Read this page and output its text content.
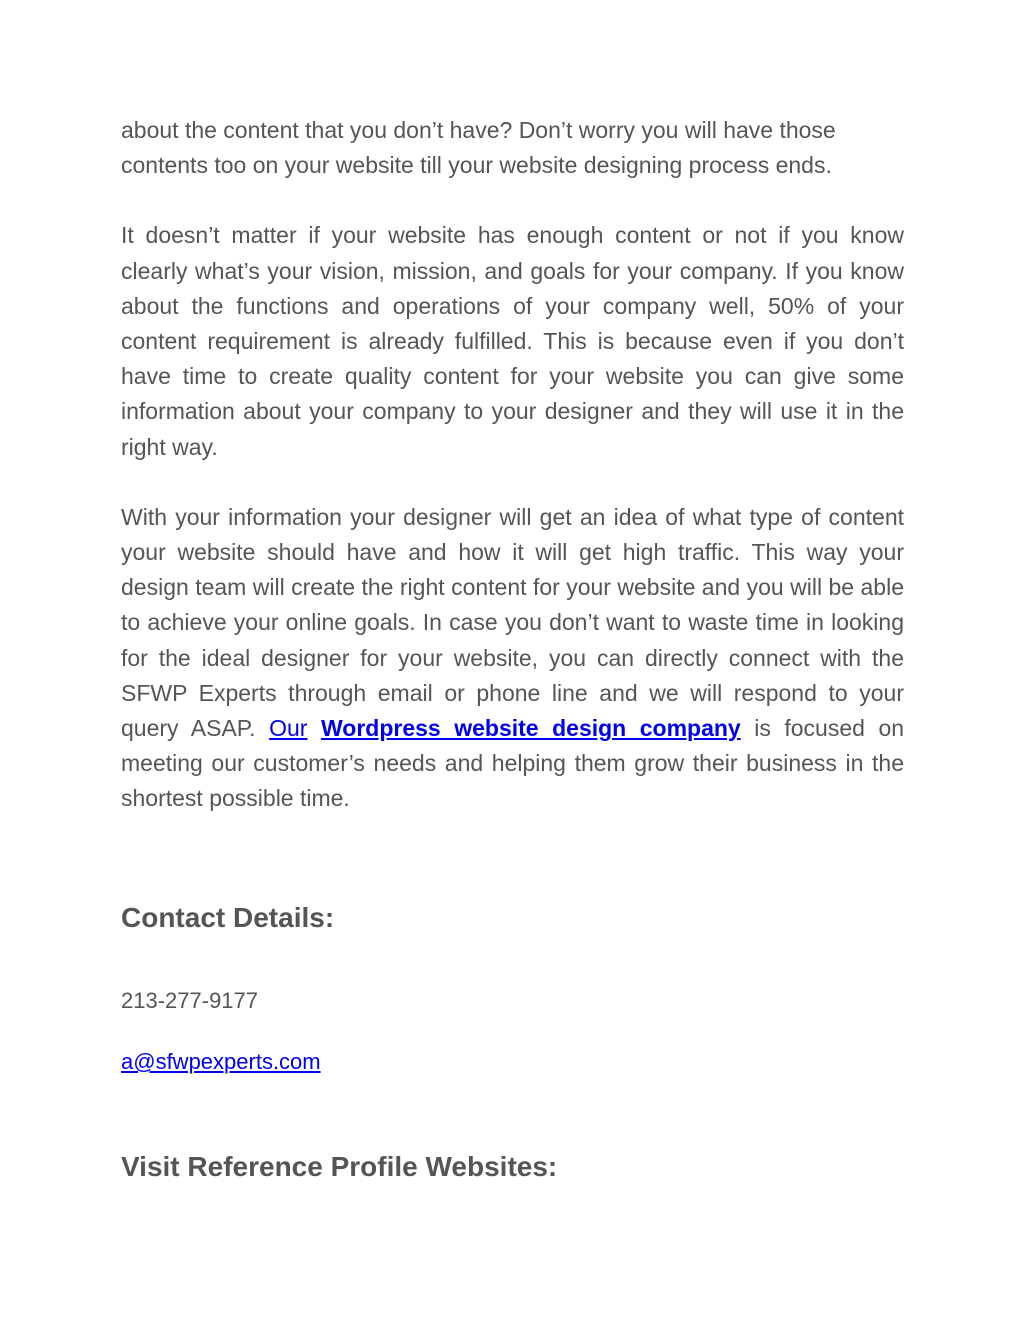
about the content that you don’t have? Don’t worry you will have those contents too on your website till your website designing process ends.

It doesn’t matter if your website has enough content or not if you know clearly what’s your vision, mission, and goals for your company. If you know about the functions and operations of your company well, 50% of your content requirement is already fulfilled. This is because even if you don’t have time to create quality content for your website you can give some information about your company to your designer and they will use it in the right way.

With your information your designer will get an idea of what type of content your website should have and how it will get high traffic. This way your design team will create the right content for your website and you will be able to achieve your online goals. In case you don’t want to waste time in looking for the ideal designer for your website, you can directly connect with the SFWP Experts through email or phone line and we will respond to your query ASAP. Our Wordpress website design company is focused on meeting our customer’s needs and helping them grow their business in the shortest possible time.

Contact Details:

213-277-9177

a@sfwpexperts.com

Visit Reference Profile Websites:
